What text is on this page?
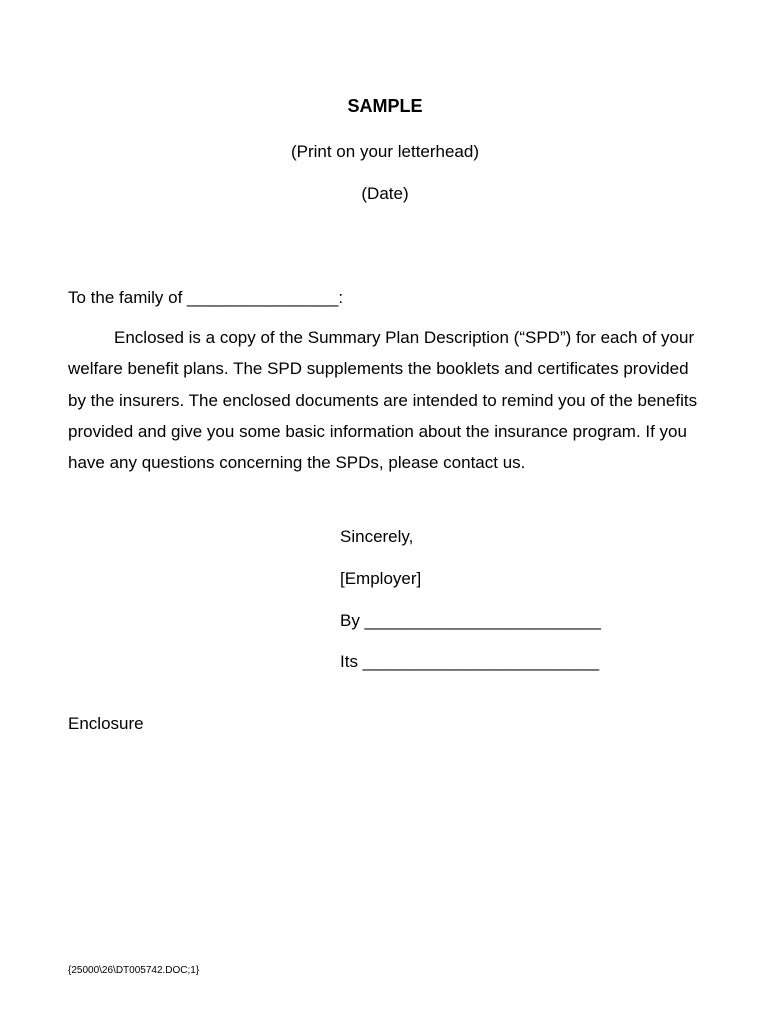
SAMPLE
(Print on your letterhead)
(Date)
To the family of ________________:

Enclosed is a copy of the Summary Plan Description (“SPD”) for each of your welfare benefit plans. The SPD supplements the booklets and certificates provided by the insurers. The enclosed documents are intended to remind you of the benefits provided and give you some basic information about the insurance program. If you have any questions concerning the SPDs, please contact us.

Sincerely,
[Employer]
By _________________________
Its _________________________
Enclosure
{25000\26\DT005742.DOC;1}
